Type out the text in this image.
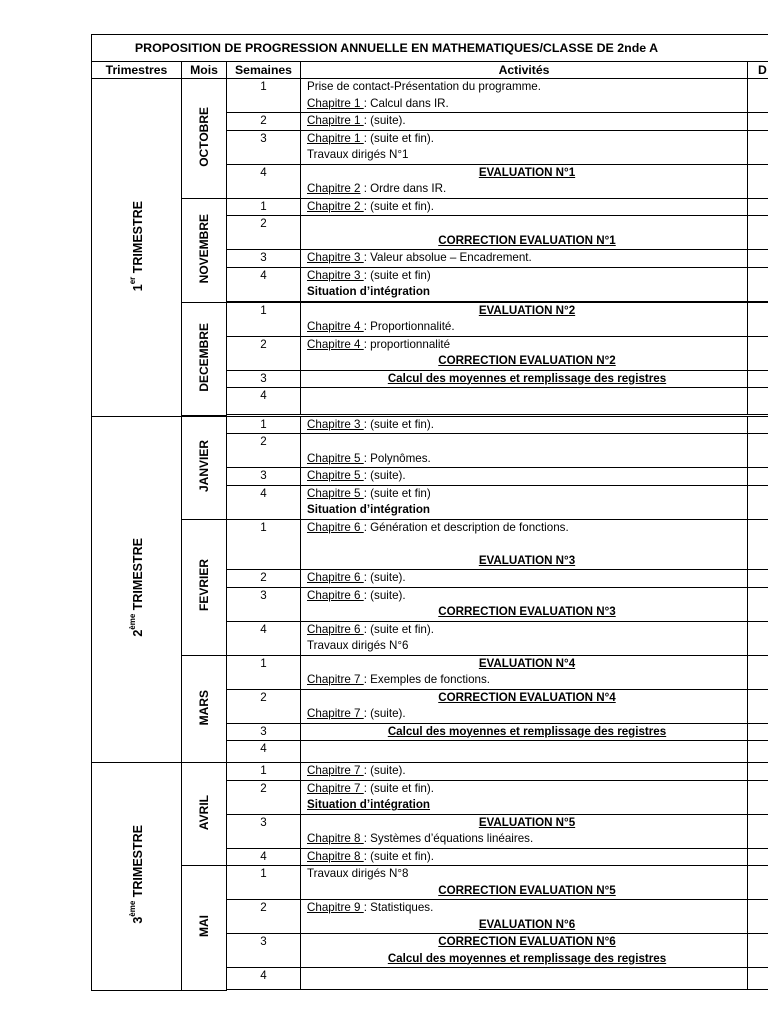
PROPOSITION DE PROGRESSION ANNUELLE EN MATHEMATIQUES/CLASSE DE 2nde A				
Trimestres	Mois	Semaines	Activités	D
1er TRIMESTRE	OCTOBRE	1	Prise de contact-Présentation du programme.
Chapitre 1 : Calcul dans IR.	

		2	Chapitre 1 : (suite).	

		3	Chapitre 1 : (suite et fin).
Travaux dirigés N°1	

		4	EVALUATION N°1
Chapitre 2 : Ordre dans IR.	

	NOVEMBRE	1	Chapitre 2 : (suite et fin).	

		2	CORRECTION EVALUATION N°1	

		3	Chapitre 3 : Valeur absolue – Encadrement.	

		4	Chapitre 3 : (suite et fin)
Situation d’intégration	

	DECEMBRE	1	EVALUATION N°2
Chapitre 4 : Proportionnalité.	

		2	Chapitre 4 : proportionnalité
CORRECTION EVALUATION N°2	

		3	Calcul des moyennes et remplissage des registres	

		4		

2ème TRIMESTRE	JANVIER	1	Chapitre 3 : (suite et fin).	

		2	Chapitre 5 : Polynômes.	

		3	Chapitre 5 : (suite).	

		4	Chapitre 5 : (suite et fin)
Situation d’intégration	

	FEVRIER	1	Chapitre 6 : Génération et description de fonctions.
EVALUATION N°3	

		2	Chapitre 6 : (suite).	

		3	Chapitre 6 : (suite).
CORRECTION EVALUATION N°3	

		4	Chapitre 6 : (suite et fin).
Travaux dirigés N°6	

	MARS	1	EVALUATION N°4
Chapitre 7 : Exemples de fonctions.	

		2	CORRECTION EVALUATION N°4
Chapitre 7 : (suite).	

		3	Calcul des moyennes et remplissage des registres	

		4		
3ème TRIMESTRE	AVRIL	1	Chapitre 7 : (suite).	

		2	Chapitre 7 : (suite et fin).
Situation d’intégration	

		3	EVALUATION N°5
Chapitre 8 : Systèmes d’équations linéaires.	

		4	Chapitre 8 : (suite et fin).	

	MAI	1	Travaux dirigés N°8
CORRECTION EVALUATION N°5	

		2	Chapitre 9 : Statistiques.
EVALUATION N°6	

		3	CORRECTION EVALUATION N°6
Calcul des moyennes et remplissage des registres	

		4		
